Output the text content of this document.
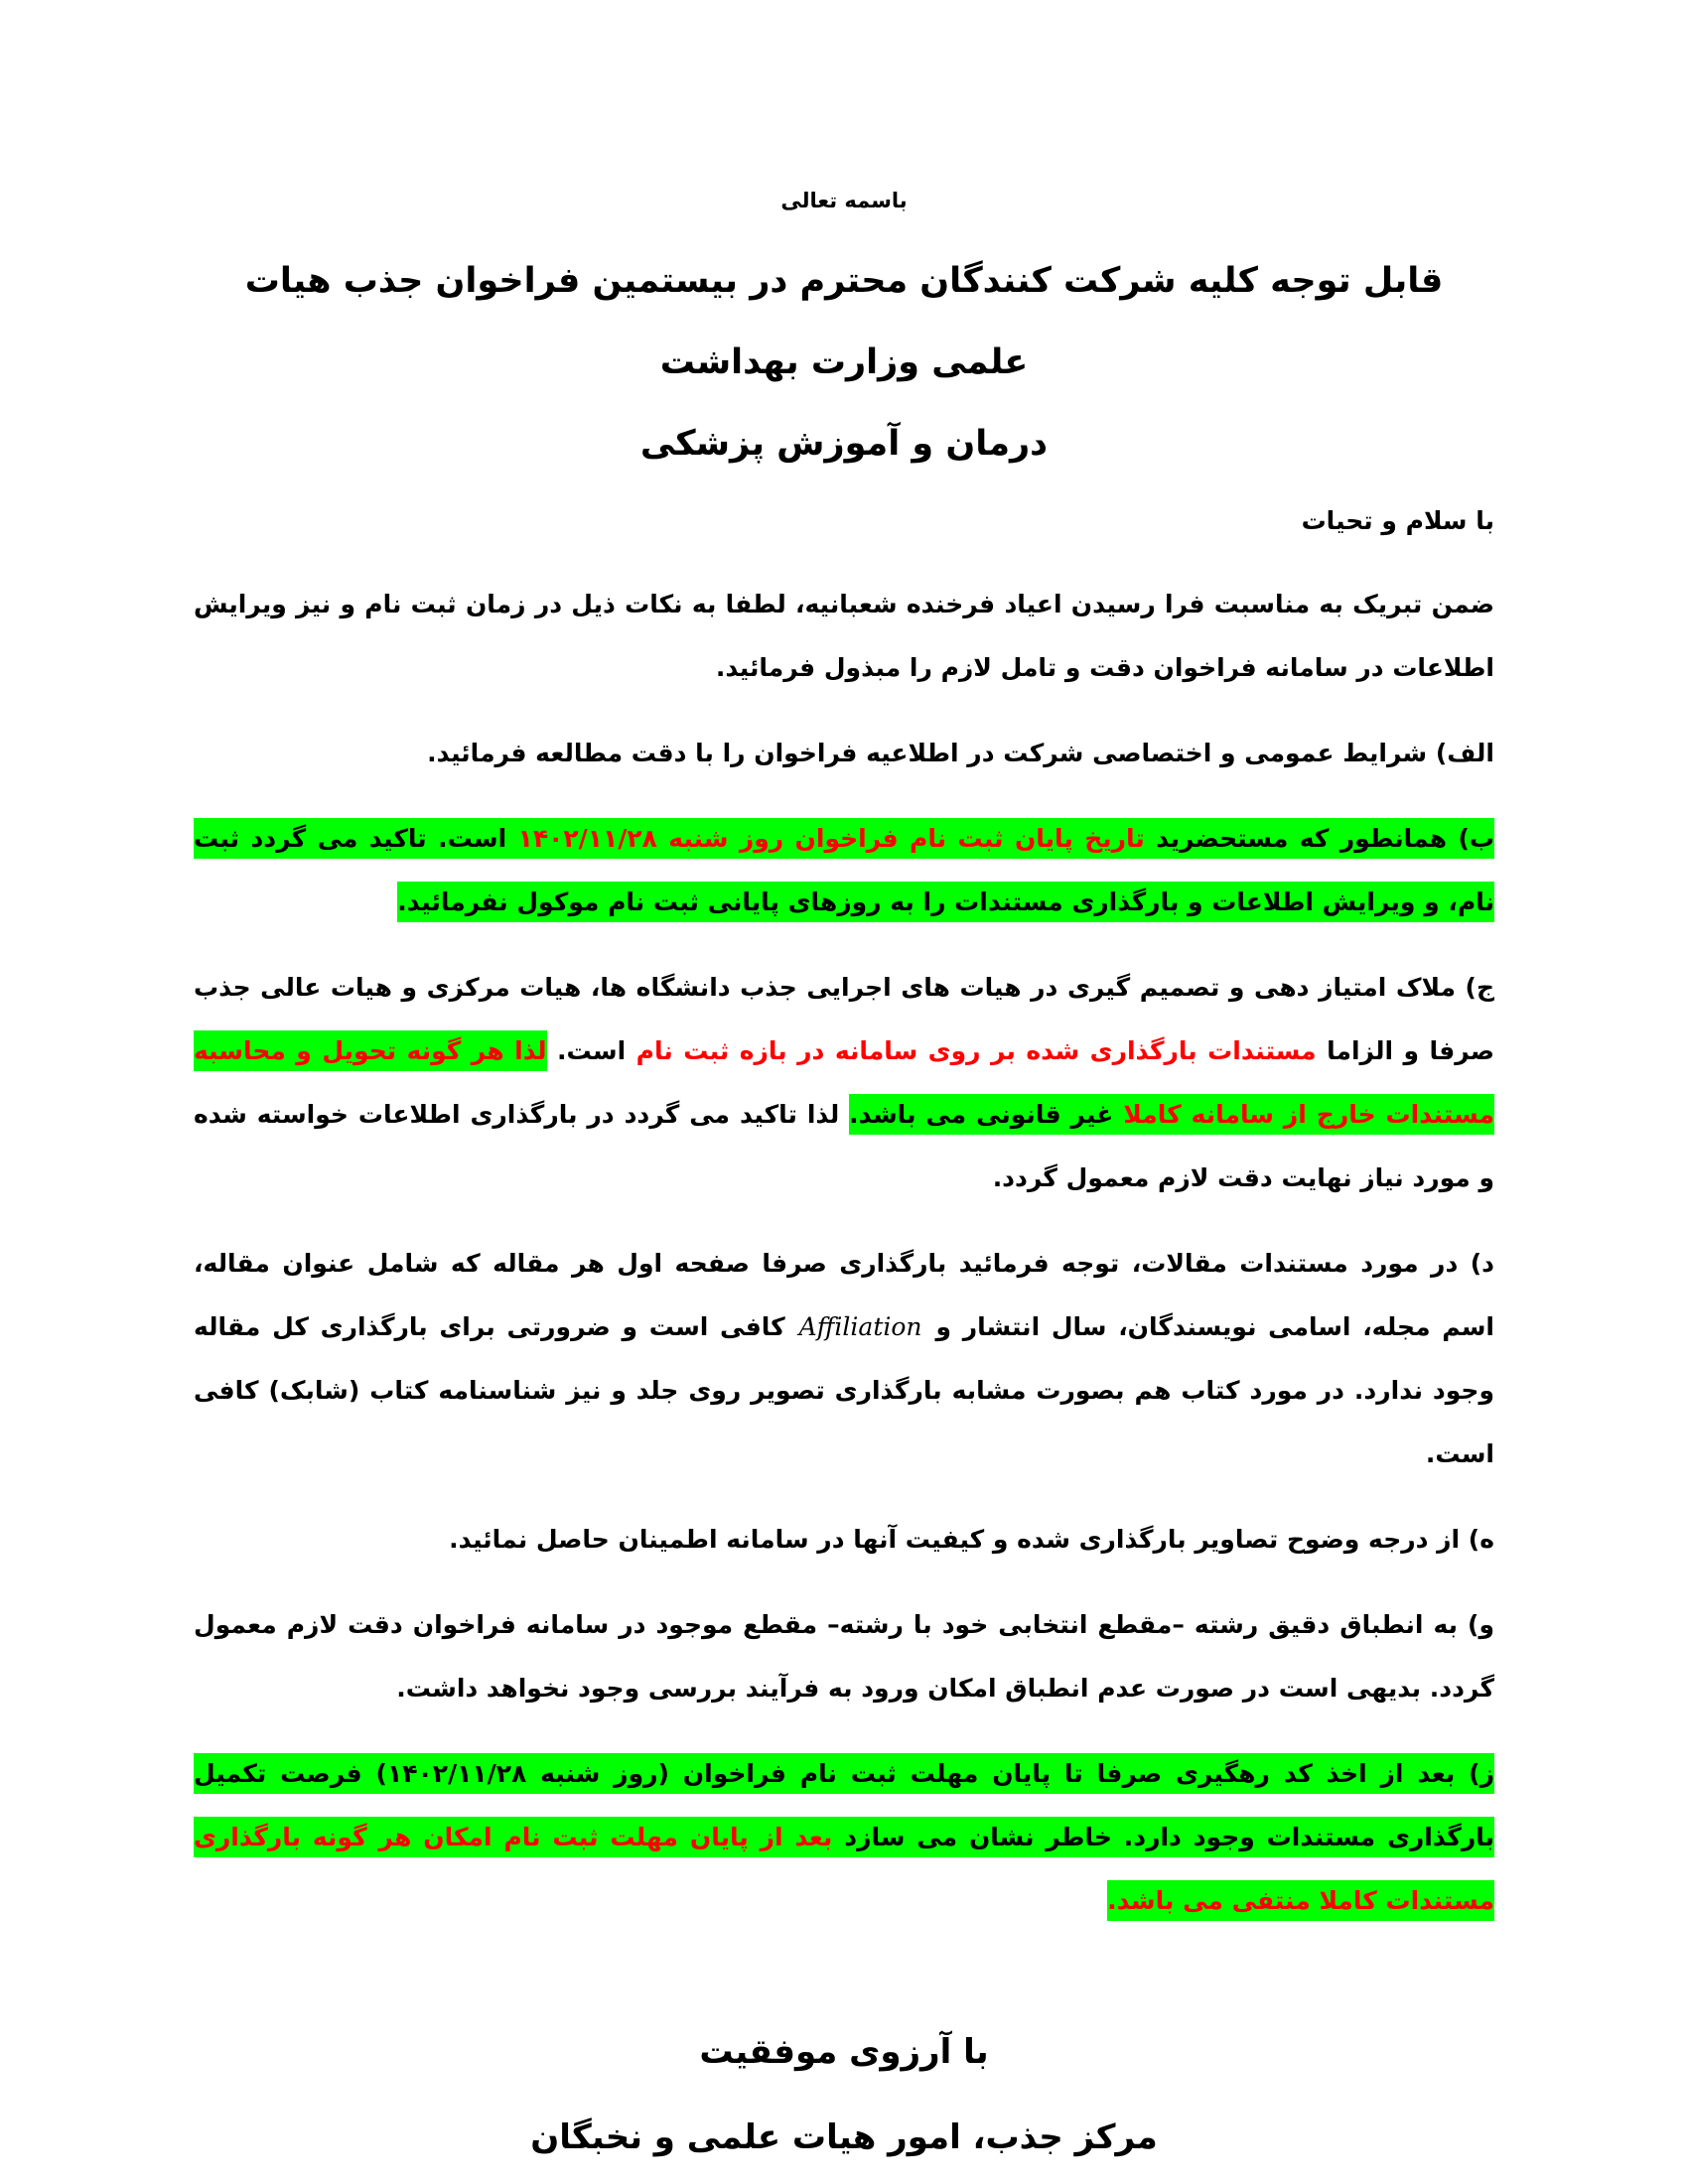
باسمه تعالی

قابل توجه کلیه شرکت کنندگان محترم در بیستمین فراخوان جذب هیات علمی وزارت بهداشت
درمان و آموزش پزشکی

با سلام و تحیات

ضمن تبریک به مناسبت فرا رسیدن اعیاد فرخنده شعبانیه، لطفا به نکات ذیل در زمان ثبت نام و نیز ویرایش اطلاعات در سامانه فراخوان دقت و تامل لازم را مبذول فرمائید.

الف) شرایط عمومی و اختصاصی شرکت در اطلاعیه فراخوان را با دقت مطالعه فرمائید.

ب) همانطور که مستحضرید تاریخ پایان ثبت نام فراخوان روز شنبه ۱۴۰۲/۱۱/۲۸ است. تاکید می گردد ثبت نام، و ویرایش اطلاعات و بارگذاری مستندات را به روزهای پایانی ثبت نام موکول نفرمائید.

ج) ملاک امتیاز دهی و تصمیم گیری در هیات های اجرایی جذب دانشگاه ها، هیات مرکزی و هیات عالی جذب صرفا و الزاما مستندات بارگذاری شده بر روی سامانه در بازه ثبت نام است. لذا هر گونه تحویل و محاسبه مستندات خارج از سامانه کاملا غیر قانونی می باشد. لذا تاکید می گردد در بارگذاری اطلاعات خواسته شده و مورد نیاز نهایت دقت لازم معمول گردد.

د) در مورد مستندات مقالات، توجه فرمائید بارگذاری صرفا صفحه اول هر مقاله که شامل عنوان مقاله، اسم مجله، اسامی نویسندگان، سال انتشار وAffiliationکافی است و ضرورتی برای بارگذاری کل مقاله وجود ندارد. در مورد کتاب هم بصورت مشابه بارگذاری تصویر روی جلد و نیز شناسنامه کتاب (شابک) کافی است.

ه) از درجه وضوح تصاویر بارگذاری شده و کیفیت آنها در سامانه اطمینان حاصل نمائید.

و) به انطباق دقیق رشته –مقطع انتخابی خود با رشته– مقطع موجود در سامانه فراخوان دقت لازم معمول گردد. بدیهی است در صورت عدم انطباق امکان ورود به فرآیند بررسی وجود نخواهد داشت.

ز) بعد از اخذ کد رهگیری صرفا تا پایان مهلت ثبت نام فراخوان (روز شنبه ۱۴۰۲/۱۱/۲۸) فرصت تکمیل بارگذاری مستندات وجود دارد. خاطر نشان می سازد بعد از پایان مهلت ثبت نام امکان هر گونه بارگذاری مستندات کاملا منتفی می باشد.

با آرزوی موفقیت

مرکز جذب، امور هیات علمی و نخبگان
